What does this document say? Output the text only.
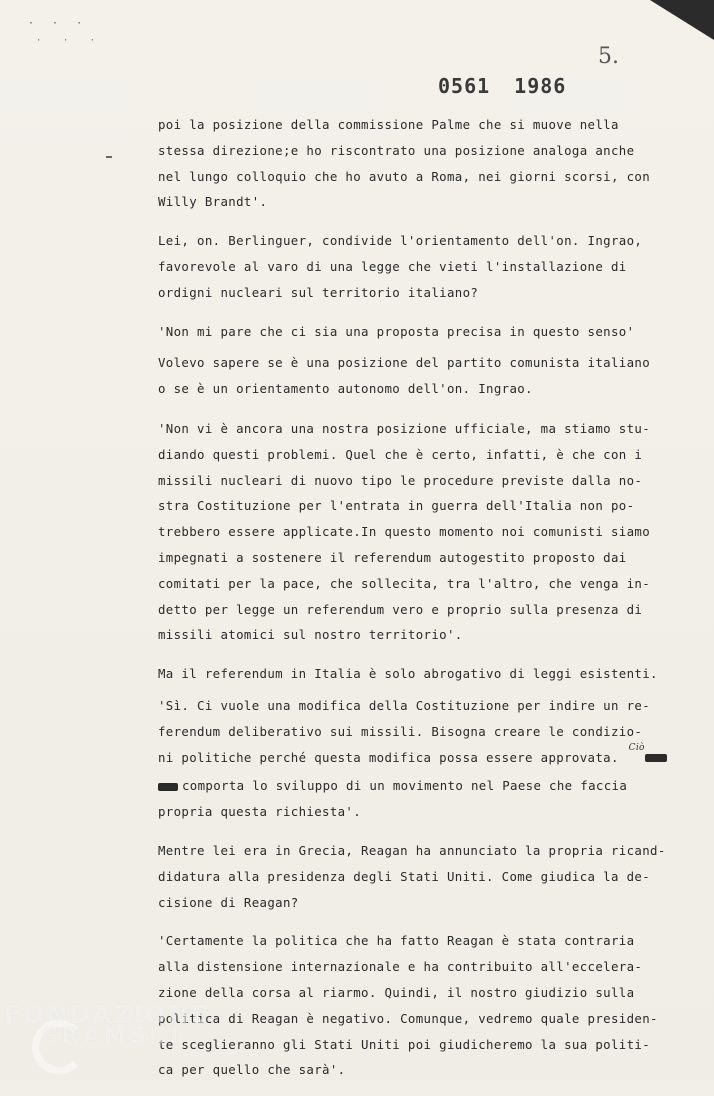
· · ·
· · ·
5.
0561 1986

poi la posizione della commissione Palme che si muove nella
stessa direzione;e ho riscontrato una posizione analoga anche
nel lungo colloquio che ho avuto a Roma, nei giorni scorsi, con
Willy Brandt'.

Lei, on. Berlinguer, condivide l'orientamento dell'on. Ingrao,
favorevole al varo di una legge che vieti l'installazione di
ordigni nucleari sul territorio italiano?

'Non mi pare che ci sia una proposta precisa in questo senso'

Volevo sapere se è una posizione del partito comunista italiano
o se è un orientamento autonomo dell'on. Ingrao.

'Non vi è ancora una nostra posizione ufficiale, ma stiamo stu-
diando questi problemi. Quel che è certo, infatti, è che con i
missili nucleari di nuovo tipo le procedure previste dalla no-
stra Costituzione per l'entrata in guerra dell'Italia non po-
trebbero essere applicate.In questo momento noi comunisti siamo
impegnati a sostenere il referendum autogestito proposto dai
comitati per la pace, che sollecita, tra l'altro, che venga in-
detto per legge un referendum vero e proprio sulla presenza di
missili atomici sul nostro territorio'.

Ma il referendum in Italia è solo abrogativo di leggi esistenti.

'Sì. Ci vuole una modifica della Costituzione per indire un re-
ferendum deliberativo sui missili. Bisogna creare le condizio-
ni politiche perché questa modifica possa essere approvata. $^{Ciò}$
comporta lo sviluppo di un movimento nel Paese che faccia
propria questa richiesta'.

Mentre lei era in Grecia, Reagan ha annunciato la propria ricand-
didatura alla presidenza degli Stati Uniti. Come giudica la de-
cisione di Reagan?

'Certamente la politica che ha fatto Reagan è stata contraria
alla distensione internazionale e ha contribuito all'eccelera-
zione della corsa al riarmo. Quindi, il nostro giudizio sulla
politica di Reagan è negativo. Comunque, vedremo quale presiden-
te sceglieranno gli Stati Uniti poi giudicheremo la sua politi-
ca per quello che sarà'.

FONDAZIONE
GRAMSCI
